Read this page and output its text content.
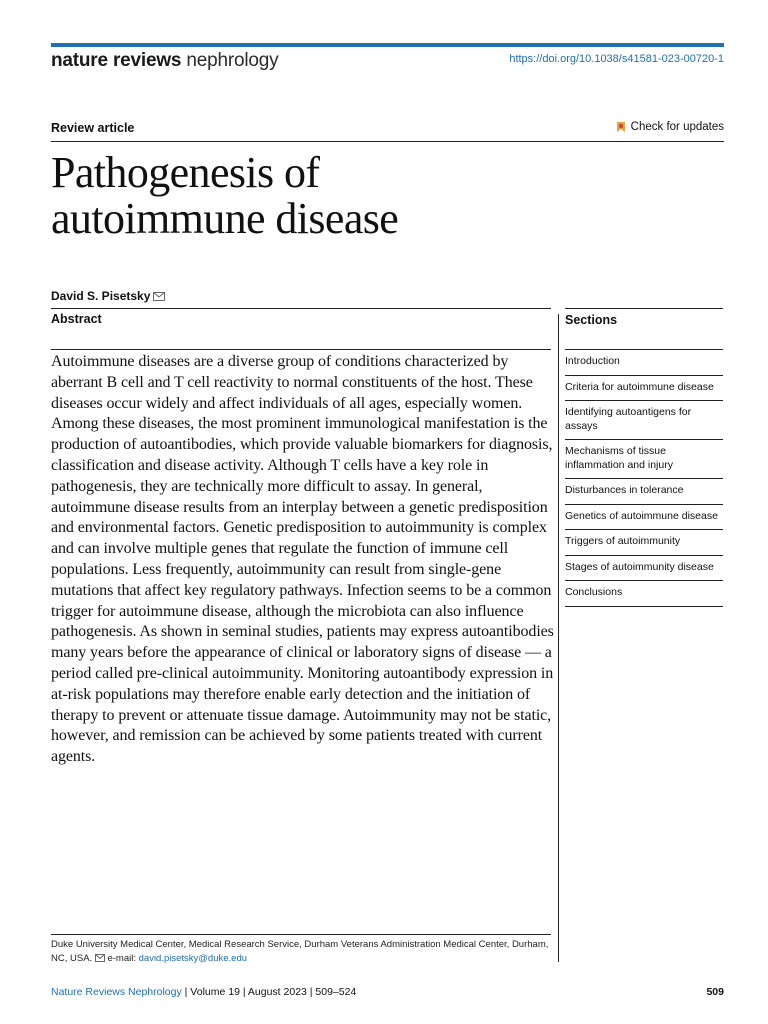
nature reviews nephrology	https://doi.org/10.1038/s41581-023-00720-1
Review article	Check for updates
Pathogenesis of
autoimmune disease
David S. Pisetsky
Abstract

Autoimmune diseases are a diverse group of conditions characterized by aberrant B cell and T cell reactivity to normal constituents of the host. These diseases occur widely and affect individuals of all ages, especially women. Among these diseases, the most prominent immunological manifestation is the production of autoantibodies, which provide valuable biomarkers for diagnosis, classification and disease activity. Although T cells have a key role in pathogenesis, they are technically more difficult to assay. In general, autoimmune disease results from an interplay between a genetic predisposition and environmental factors. Genetic predisposition to autoimmunity is complex and can involve multiple genes that regulate the function of immune cell populations. Less frequently, autoimmunity can result from single-gene mutations that affect key regulatory pathways. Infection seems to be a common trigger for autoimmune disease, although the microbiota can also influence pathogenesis. As shown in seminal studies, patients may express autoantibodies many years before the appearance of clinical or laboratory signs of disease — a period called pre-clinical autoimmunity. Monitoring autoantibody expression in at-risk populations may therefore enable early detection and the initiation of therapy to prevent or attenuate tissue damage. Autoimmunity may not be static, however, and remission can be achieved by some patients treated with current agents.

Sections
Introduction
Criteria for autoimmune disease
Identifying autoantigens for assays
Mechanisms of tissue inflammation and injury
Disturbances in tolerance
Genetics of autoimmune disease
Triggers of autoimmunity
Stages of autoimmunity disease
Conclusions
Duke University Medical Center, Medical Research Service, Durham Veterans Administration Medical Center, Durham, NC, USA. e-mail: david.pisetsky@duke.edu
Nature Reviews Nephrology | Volume 19 | August 2023 | 509–524	509
